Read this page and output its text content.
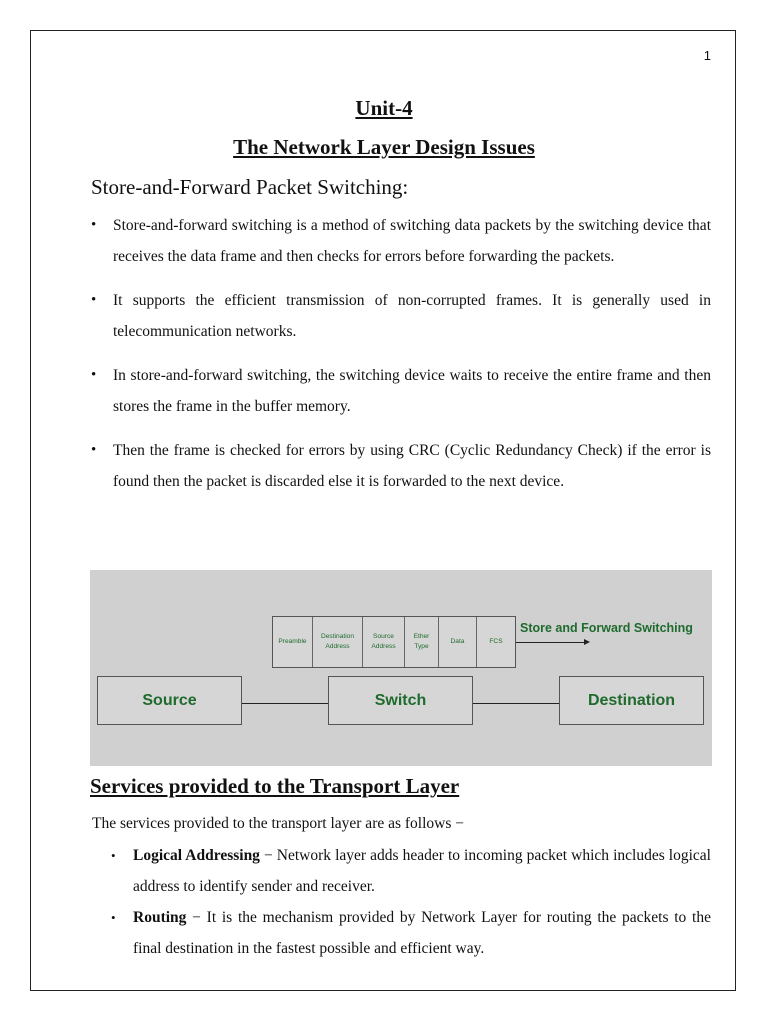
1
Unit-4
The Network Layer Design Issues
Store-and-Forward Packet Switching:
• Store-and-forward switching is a method of switching data packets by the switching device that receives the data frame and then checks for errors before forwarding the packets.
• It supports the efficient transmission of non-corrupted frames. It is generally used in telecommunication networks.
• In store-and-forward switching, the switching device waits to receive the entire frame and then stores the frame in the buffer memory.
• Then the frame is checked for errors by using CRC (Cyclic Redundancy Check) if the error is found then the packet is discarded else it is forwarded to the next device.
Preamble
Destination Address
Source Address
Ether Type
Data	FCS
Store and Forward Switching
Source	Switch	Destination
Services provided to the Transport Layer
The services provided to the transport layer are as follows −
• Logical Addressing − Network layer adds header to incoming packet which includes logical address to identify sender and receiver.
• Routing − It is the mechanism provided by Network Layer for routing the packets to the final destination in the fastest possible and efficient way.
